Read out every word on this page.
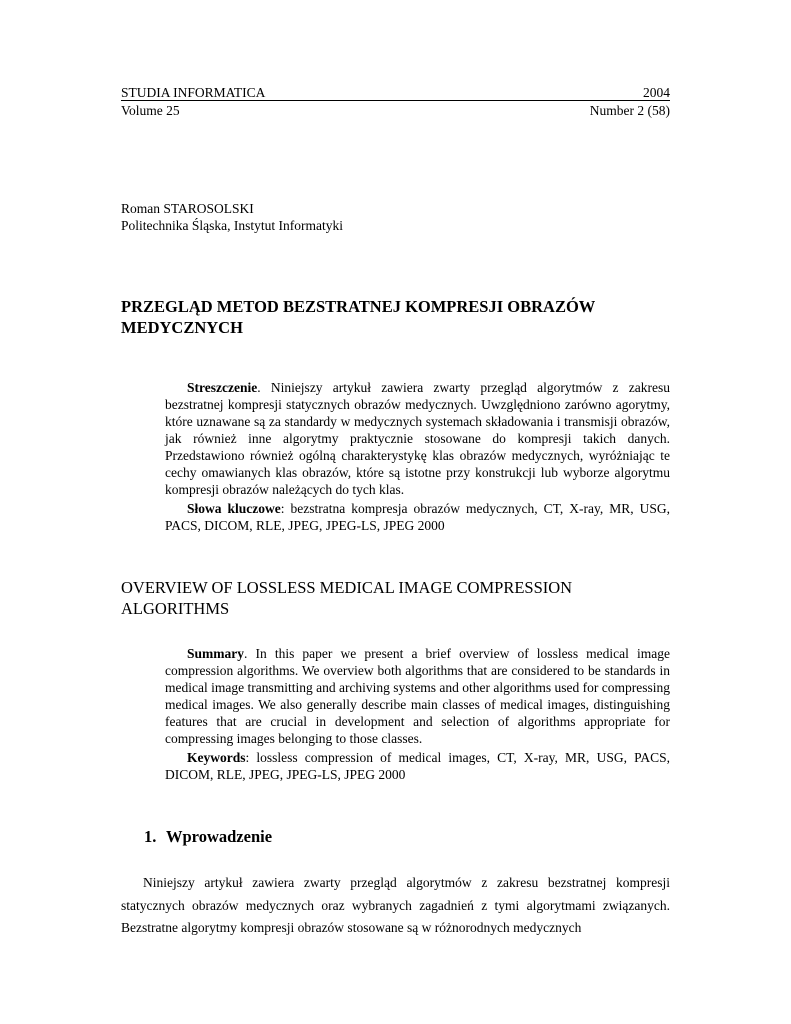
STUDIA INFORMATICA	2004
Volume 25	Number 2 (58)
Roman STAROSOLSKI
Politechnika Śląska, Instytut Informatyki
PRZEGLĄD METOD BEZSTRATNEJ KOMPRESJI OBRAZÓW
MEDYCZNYCH

Streszczenie. Niniejszy artykuł zawiera zwarty przegląd algorytmów z zakresu bezstratnej kompresji statycznych obrazów medycznych. Uwzględniono zarówno agorytmy, które uznawane są za standardy w medycznych systemach składowania i transmisji obrazów, jak również inne algorytmy praktycznie stosowane do kompresji takich danych. Przedstawiono również ogólną charakterystykę klas obrazów medycznych, wyróżniając te cechy omawianych klas obrazów, które są istotne przy konstrukcji lub wyborze algorytmu kompresji obrazów należących do tych klas.

Słowa kluczowe: bezstratna kompresja obrazów medycznych, CT, X-ray, MR, USG, PACS, DICOM, RLE, JPEG, JPEG-LS, JPEG 2000

OVERVIEW OF LOSSLESS MEDICAL IMAGE COMPRESSION
ALGORITHMS

Summary. In this paper we present a brief overview of lossless medical image compression algorithms. We overview both algorithms that are considered to be standards in medical image transmitting and archiving systems and other algorithms used for compressing medical images. We also generally describe main classes of medical images, distinguishing features that are crucial in development and selection of algorithms appropriate for compressing images belonging to those classes.

Keywords: lossless compression of medical images, CT, X-ray, MR, USG, PACS, DICOM, RLE, JPEG, JPEG-LS, JPEG 2000

1. Wprowadzenie

Niniejszy artykuł zawiera zwarty przegląd algorytmów z zakresu bezstratnej kompresji statycznych obrazów medycznych oraz wybranych zagadnień z tymi algorytmami związanych. Bezstratne algorytmy kompresji obrazów stosowane są w różnorodnych medycznych
